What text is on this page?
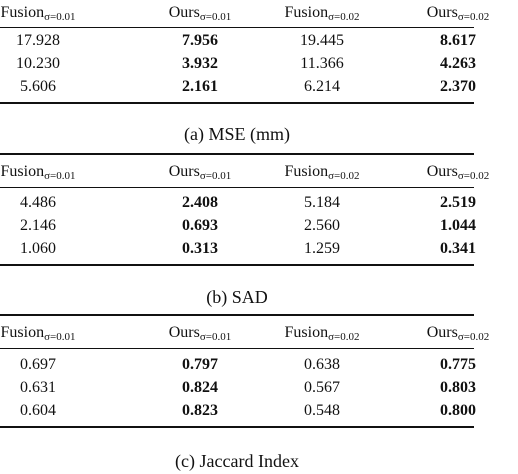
Fusion$_{\sigma=0.01}$	Ours$_{\sigma=0.01}$	Fusion$_{\sigma=0.02}$	Ours$_{\sigma=0.02}$
17.928	7.956	19.445	8.617
10.230	3.932	11.366	4.263
5.606	2.161	6.214	2.370
(a) MSE (mm)
Fusion$_{\sigma=0.01}$	Ours$_{\sigma=0.01}$	Fusion$_{\sigma=0.02}$	Ours$_{\sigma=0.02}$
4.486	2.408	5.184	2.519
2.146	0.693	2.560	1.044
1.060	0.313	1.259	0.341
(b) SAD
Fusion$_{\sigma=0.01}$	Ours$_{\sigma=0.01}$	Fusion$_{\sigma=0.02}$	Ours$_{\sigma=0.02}$
0.697	0.797	0.638	0.775
0.631	0.824	0.567	0.803
0.604	0.823	0.548	0.800
(c) Jaccard Index
